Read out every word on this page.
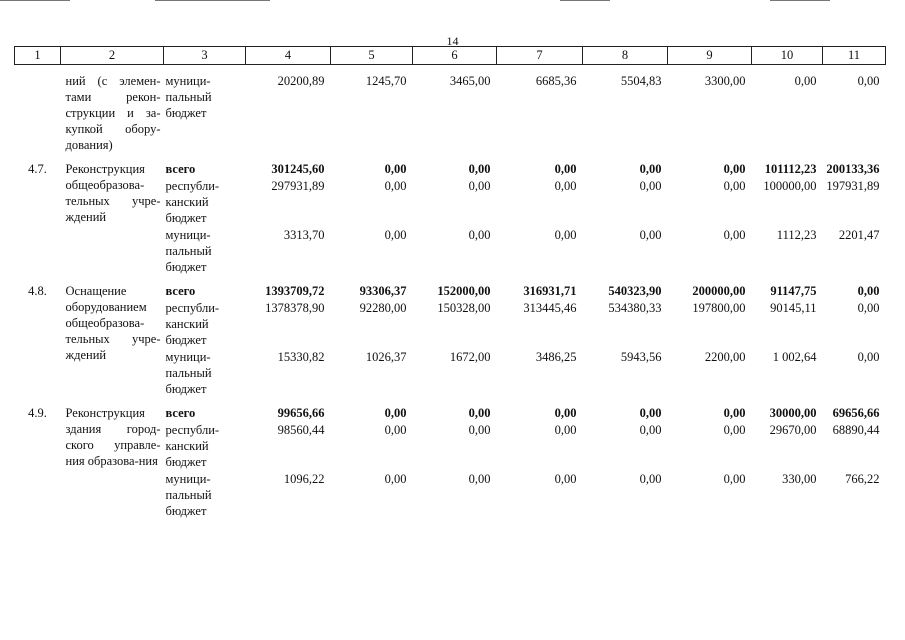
14
1	2	3	4	5	6	7	8	9	10	11
	ний (с элемен-тами рекон-струкции и за-купкой обору-дования)	муници-пальный бюджет	20200,89	1245,70	3465,00	6685,36	5504,83	3300,00	0,00	0,00
4.7.	Реконструкция общеобразова-тельных учре-ждений	всего	301245,60	0,00	0,00	0,00	0,00	0,00	101112,23	200133,36
		республи-канский бюджет	297931,89	0,00	0,00	0,00	0,00	0,00	100000,00	197931,89
		муници-пальный бюджет	3313,70	0,00	0,00	0,00	0,00	0,00	1112,23	2201,47
4.8.	Оснащение оборудованием общеобразова-тельных учре-ждений	всего	1393709,72	93306,37	152000,00	316931,71	540323,90	200000,00	91147,75	0,00
		республи-канский бюджет	1378378,90	92280,00	150328,00	313445,46	534380,33	197800,00	90145,11	0,00
		муници-пальный бюджет	15330,82	1026,37	1672,00	3486,25	5943,56	2200,00	1 002,64	0,00
4.9.	Реконструкция здания город-ского управле-ния образова-ния	всего	99656,66	0,00	0,00	0,00	0,00	0,00	30000,00	69656,66
		республи-канский бюджет	98560,44	0,00	0,00	0,00	0,00	0,00	29670,00	68890,44
		муници-пальный бюджет	1096,22	0,00	0,00	0,00	0,00	0,00	330,00	766,22
